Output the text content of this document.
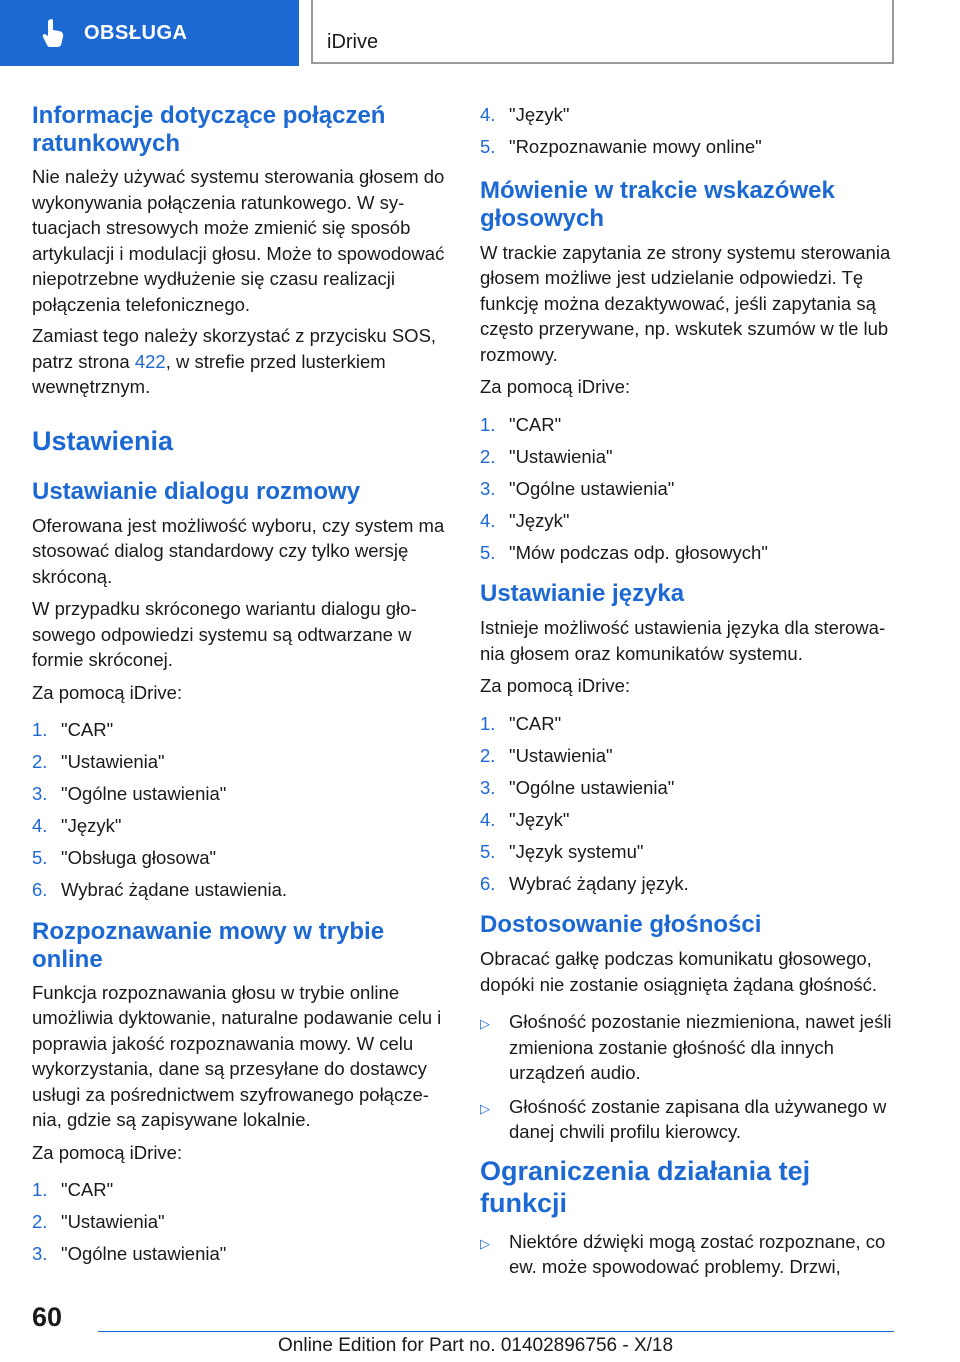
OBSŁUGA	iDrive
Informacje dotyczące połączeń ratunkowych

Nie należy używać systemu sterowania głosem do wykonywania połączenia ratunkowego. W sytuacjach stresowych może zmienić się sposób artykulacji i modulacji głosu. Może to spowodować niepotrzebne wydłużenie się czasu realizacji połączenia telefonicznego.

Zamiast tego należy skorzystać z przycisku SOS, patrz strona 422, w strefie przed lusterkiem wewnętrznym.

Ustawienia
Ustawianie dialogu rozmowy

Oferowana jest możliwość wyboru, czy system ma stosować dialog standardowy czy tylko wersję skróconą.

W przypadku skróconego wariantu dialogu głosowego odpowiedzi systemu są odtwarzane w formie skróconej.

Za pomocą iDrive:

1. "CAR"
2. "Ustawienia"
3. "Ogólne ustawienia"
4. "Język"
5. "Obsługa głosowa"
6. Wybrać żądane ustawienia.
Rozpoznawanie mowy w trybie online

Funkcja rozpoznawania głosu w trybie online umożliwia dyktowanie, naturalne podawanie celu i poprawia jakość rozpoznawania mowy. W celu wykorzystania, dane są przesyłane do dostawcy usługi za pośrednictwem szyfrowanego połączenia, gdzie są zapisywane lokalnie.

Za pomocą iDrive:

1. "CAR"
2. "Ustawienia"
3. "Ogólne ustawienia"
4. "Język"
5. "Rozpoznawanie mowy online"
Mówienie w trakcie wskazówek głosowych

W trackie zapytania ze strony systemu sterowania głosem możliwe jest udzielanie odpowiedzi. Tę funkcję można dezaktywować, jeśli zapytania są często przerywane, np. wskutek szumów w tle lub rozmowy.

Za pomocą iDrive:

1. "CAR"
2. "Ustawienia"
3. "Ogólne ustawienia"
4. "Język"
5. "Mów podczas odp. głosowych"
Ustawianie języka

Istnieje możliwość ustawienia języka dla sterowania głosem oraz komunikatów systemu.

Za pomocą iDrive:

1. "CAR"
2. "Ustawienia"
3. "Ogólne ustawienia"
4. "Język"
5. "Język systemu"
6. Wybrać żądany język.
Dostosowanie głośności

Obracać gałkę podczas komunikatu głosowego, dopóki nie zostanie osiągnięta żądana głośność.

▷	Głośność pozostanie niezmieniona, nawet jeśli zmieniona zostanie głośność dla innych urządzeń audio.
▷	Głośność zostanie zapisana dla używanego w danej chwili profilu kierowcy.
Ograniczenia działania tej funkcji
▷	Niektóre dźwięki mogą zostać rozpoznane, co ew. może spowodować problemy. Drzwi,
60
Online Edition for Part no. 01402896756 - X/18
